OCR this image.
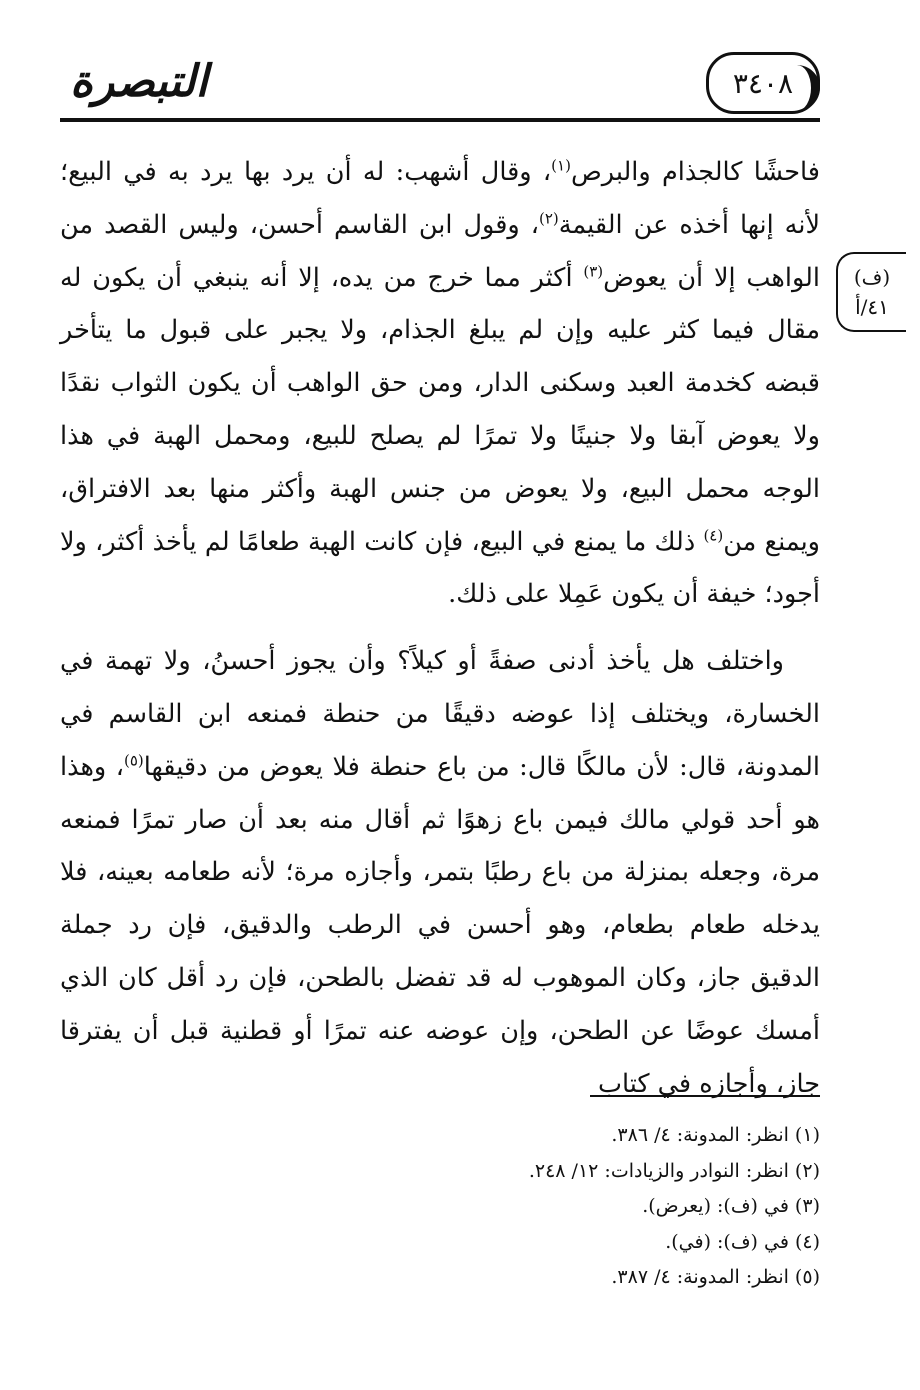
التبصرة	٣٤٠٨
(ف)
٤١/أ

فاحشًا كالجذام والبرص$^{(١)}$، وقال أشهب: له أن يرد بها يرد به في البيع؛ لأنه إنها أخذه عن القيمة$^{(٢)}$، وقول ابن القاسم أحسن، وليس القصد من الواهب إلا أن يعوض$^{(٣)}$ أكثر مما خرج من يده، إلا أنه ينبغي أن يكون له مقال فيما كثر عليه وإن لم يبلغ الجذام، ولا يجبر على قبول ما يتأخر قبضه كخدمة العبد وسكنى الدار، ومن حق الواهب أن يكون الثواب نقدًا ولا يعوض آبقا ولا جنينًا ولا تمرًا لم يصلح للبيع، ومحمل الهبة في هذا الوجه محمل البيع، ولا يعوض من جنس الهبة وأكثر منها بعد الافتراق، ويمنع من$^{(٤)}$ ذلك ما يمنع في البيع، فإن كانت الهبة طعامًا لم يأخذ أكثر، ولا أجود؛ خيفة أن يكون عَمِلا على ذلك.

واختلف هل يأخذ أدنى صفةً أو كيلاً؟ وأن يجوز أحسنُ، ولا تهمة في الخسارة، ويختلف إذا عوضه دقيقًا من حنطة فمنعه ابن القاسم في المدونة، قال: لأن مالكًا قال: من باع حنطة فلا يعوض من دقيقها$^{(٥)}$، وهذا هو أحد قولي مالك فيمن باع زهوًا ثم أقال منه بعد أن صار تمرًا فمنعه مرة، وجعله بمنزلة من باع رطبًا بتمر، وأجازه مرة؛ لأنه طعامه بعينه، فلا يدخله طعام بطعام، وهو أحسن في الرطب والدقيق، فإن رد جملة الدقيق جاز، وكان الموهوب له قد تفضل بالطحن، فإن رد أقل كان الذي أمسك عوضًا عن الطحن، وإن عوضه عنه تمرًا أو قطنية قبل أن يفترقا جاز، وأجازه في كتاب

(١) انظر: المدونة: ٤/ ٣٨٦.
(٢) انظر: النوادر والزيادات: ١٢/ ٢٤٨.
(٣) في (ف): (يعرض).
(٤) في (ف): (في).
(٥) انظر: المدونة: ٤/ ٣٨٧.
